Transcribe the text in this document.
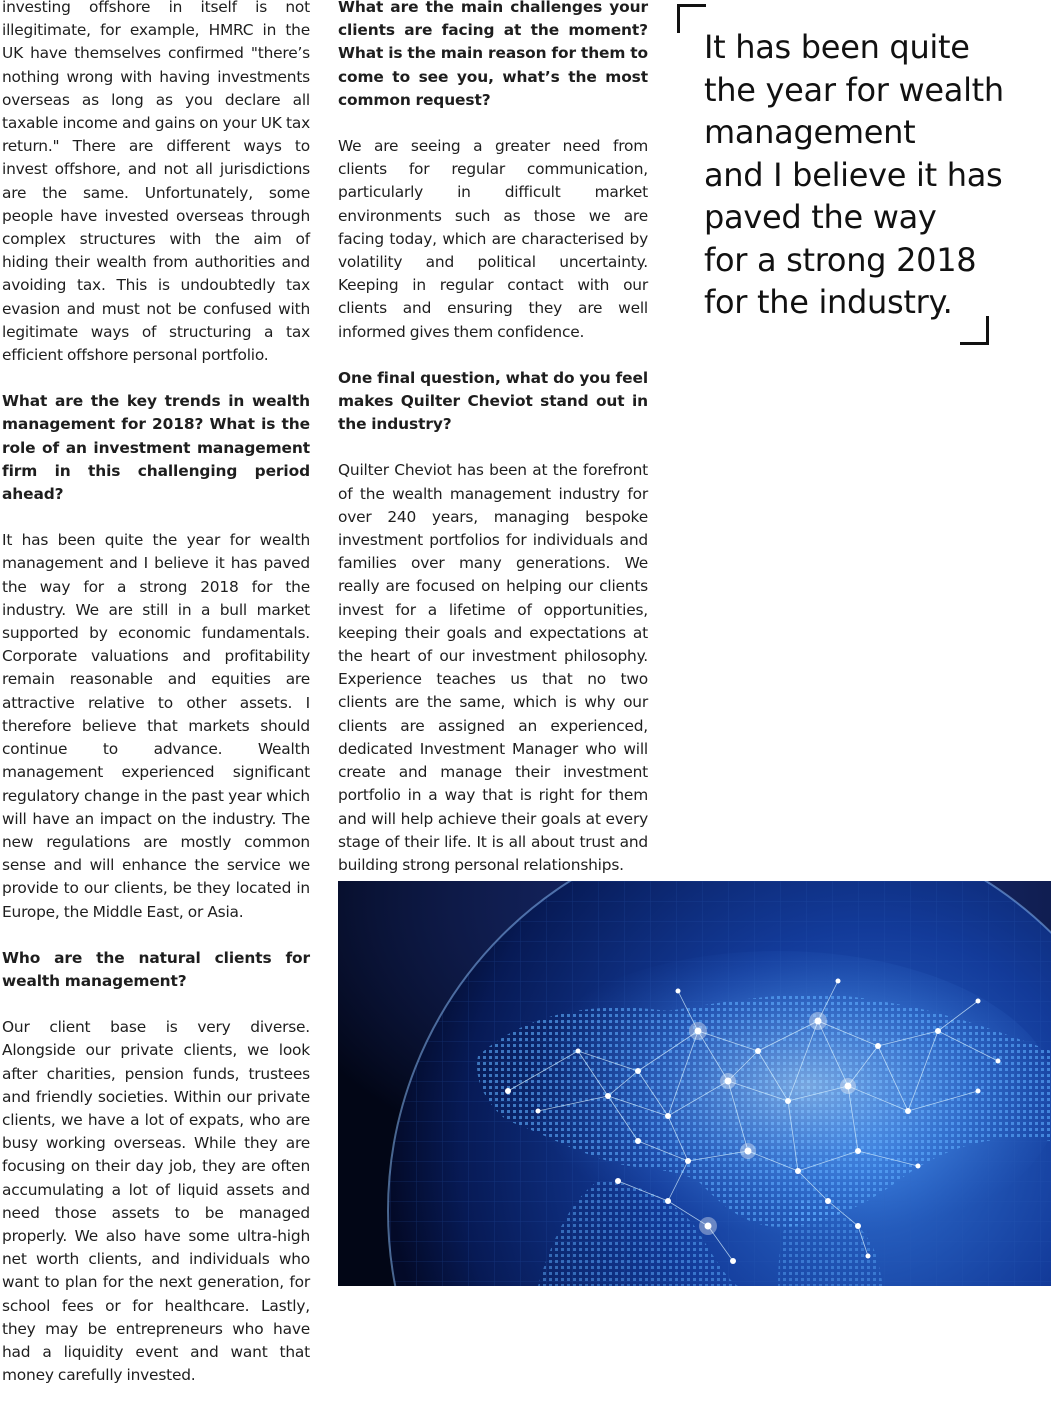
investing offshore in itself is not illegitimate, for example, HMRC in the UK have themselves confirmed "there’s nothing wrong with having investments overseas as long as you declare all taxable income and gains on your UK tax return." There are different ways to invest offshore, and not all jurisdictions are the same. Unfortunately, some people have invested overseas through complex structures with the aim of hiding their wealth from authorities and avoiding tax. This is undoubtedly tax evasion and must not be confused with legitimate ways of structuring a tax efficient offshore personal portfolio.

What are the key trends in wealth management for 2018? What is the role of an investment management firm in this challenging period ahead?

It has been quite the year for wealth management and I believe it has paved the way for a strong 2018 for the industry. We are still in a bull market supported by economic fundamentals. Corporate valuations and profitability remain reasonable and equities are attractive relative to other assets. I therefore believe that markets should continue to advance. Wealth management experienced significant regulatory change in the past year which will have an impact on the industry. The new regulations are mostly common sense and will enhance the service we provide to our clients, be they located in Europe, the Middle East, or Asia.

Who are the natural clients for wealth management?

Our client base is very diverse. Alongside our private clients, we look after charities, pension funds, trustees and friendly societies. Within our private clients, we have a lot of expats, who are busy working overseas. While they are focusing on their day job, they are often accumulating a lot of liquid assets and need those assets to be managed properly. We also have some ultra-high net worth clients, and individuals who want to plan for the next generation, for school fees or for healthcare. Lastly, they may be entrepreneurs who have had a liquidity event and want that money carefully invested.

What are the main challenges your clients are facing at the moment? What is the main reason for them to come to see you, what’s the most common request?

We are seeing a greater need from clients for regular communication, particularly in difficult market environments such as those we are facing today, which are characterised by volatility and political uncertainty. Keeping in regular contact with our clients and ensuring they are well informed gives them confidence.

One final question, what do you feel makes Quilter Cheviot stand out in the industry?

Quilter Cheviot has been at the forefront of the wealth management industry for over 240 years, managing bespoke investment portfolios for individuals and families over many generations. We really are focused on helping our clients invest for a lifetime of opportunities, keeping their goals and expectations at the heart of our investment philosophy. Experience teaches us that no two clients are the same, which is why our clients are assigned an experienced, dedicated Investment Manager who will create and manage their investment portfolio in a way that is right for them and will help achieve their goals at every stage of their life. It is all about trust and building strong personal relationships.

It has been quite
the year for wealth
management
and I believe it has
paved the way
for a strong 2018
for the industry.
